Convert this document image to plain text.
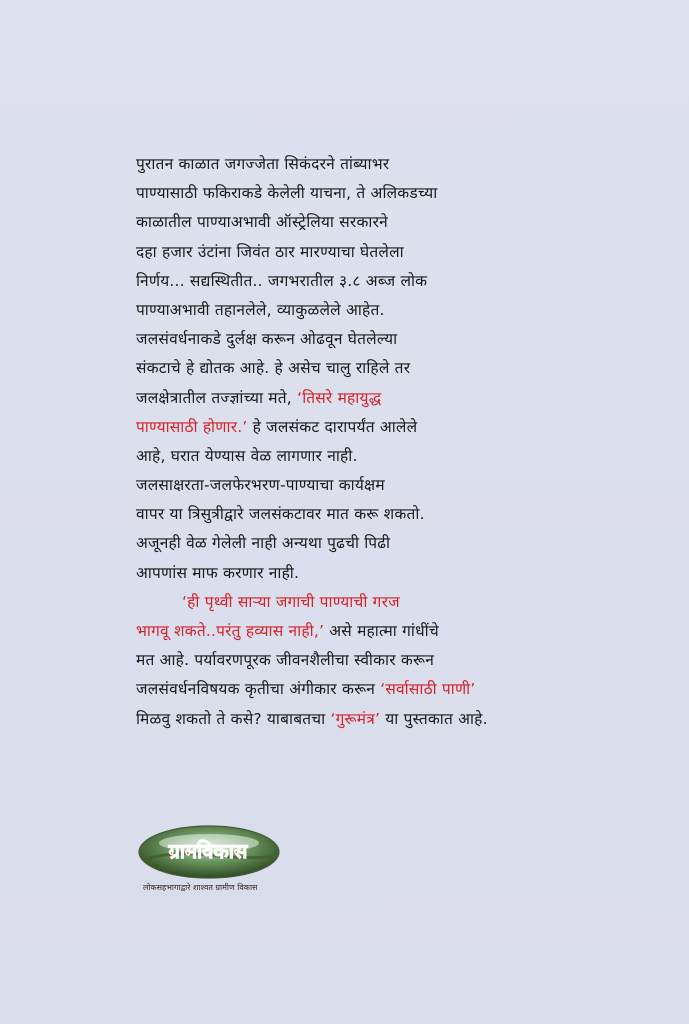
पुरातन काळात जगज्जेता सिकंदरने तांब्याभर
पाण्यासाठी फकिराकडे केलेली याचना, ते अलिकडच्या
काळातील पाण्याअभावी ऑस्ट्रेलिया सरकारने
दहा हजार उंटांना जिवंत ठार मारण्याचा घेतलेला
निर्णय... सद्यस्थितीत.. जगभरातील ३.८ अब्ज लोक
पाण्याअभावी तहानलेले, व्याकुळलेले आहेत.
जलसंवर्धनाकडे दुर्लक्ष करून ओढवून घेतलेल्या
संकटाचे हे द्योतक आहे. हे असेच चालु राहिले तर
जलक्षेत्रातील तज्ज्ञांच्या मते, ‘तिसरे महायुद्ध
पाण्यासाठी होणार.’ हे जलसंकट दारापर्यंत आलेले
आहे, घरात येण्यास वेळ लागणार नाही.
जलसाक्षरता-जलफेरभरण-पाण्याचा कार्यक्षम
वापर या त्रिसुत्रीद्वारे जलसंकटावर मात करू शकतो.
अजूनही वेळ गेलेली नाही अन्यथा पुढची पिढी
आपणांस माफ करणार नाही.
‘ही पृथ्वी साऱ्या जगाची पाण्याची गरज
भागवू शकते..परंतु हव्यास नाही,’ असे महात्मा गांधींचे
मत आहे. पर्यावरणपूरक जीवनशैलीचा स्वीकार करून
जलसंवर्धनविषयक कृतीचा अंगीकार करून ‘सर्वासाठी पाणी’
मिळवु शकतो ते कसे? याबाबतचा ‘गुरूमंत्र’ या पुस्तकात आहे.
ग्रामविकास
लोकसहभागाद्वारे शाश्वत ग्रामीण विकास
